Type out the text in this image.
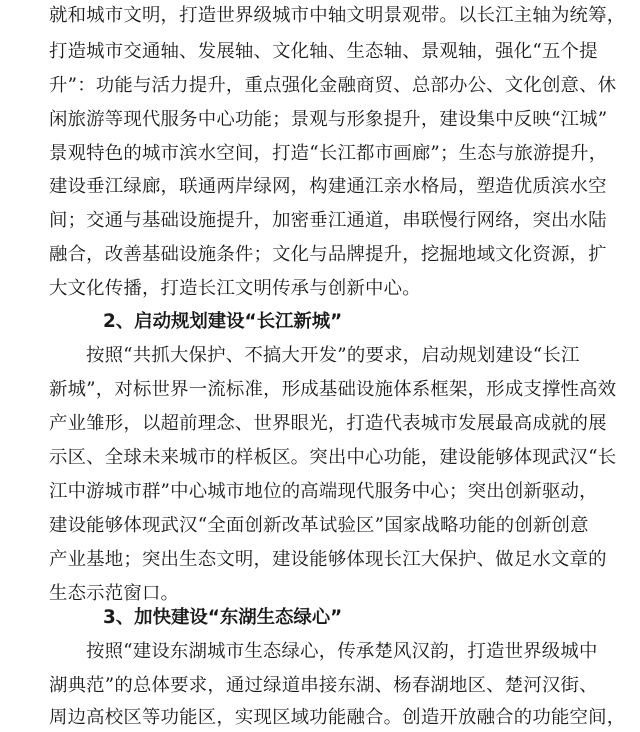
就和城市文明，打造世界级城市中轴文明景观带。以长江主轴为统筹，
打造城市交通轴、发展轴、文化轴、生态轴、景观轴，强化“五个提
升”：功能与活力提升，重点强化金融商贸、总部办公、文化创意、休
闲旅游等现代服务中心功能；景观与形象提升，建设集中反映“江城”
景观特色的城市滨水空间，打造“长江都市画廊”；生态与旅游提升，
建设垂江绿廊，联通两岸绿网，构建通江亲水格局，塑造优质滨水空
间；交通与基础设施提升，加密垂江通道，串联慢行网络，突出水陆
融合，改善基础设施条件；文化与品牌提升，挖掘地域文化资源，扩
大文化传播，打造长江文明传承与创新中心。
2、启动规划建设“长江新城”
按照“共抓大保护、不搞大开发”的要求，启动规划建设“长江
新城”，对标世界一流标准，形成基础设施体系框架，形成支撑性高效
产业雏形，以超前理念、世界眼光，打造代表城市发展最高成就的展
示区、全球未来城市的样板区。突出中心功能，建设能够体现武汉“长
江中游城市群”中心城市地位的高端现代服务中心；突出创新驱动，
建设能够体现武汉“全面创新改革试验区”国家战略功能的创新创意
产业基地；突出生态文明，建设能够体现长江大保护、做足水文章的
生态示范窗口。
3、加快建设“东湖生态绿心”
按照“建设东湖城市生态绿心，传承楚风汉韵，打造世界级城中
湖典范”的总体要求，通过绿道串接东湖、杨春湖地区、楚河汉街、
周边高校区等功能区，实现区域功能融合。创造开放融合的功能空间，
